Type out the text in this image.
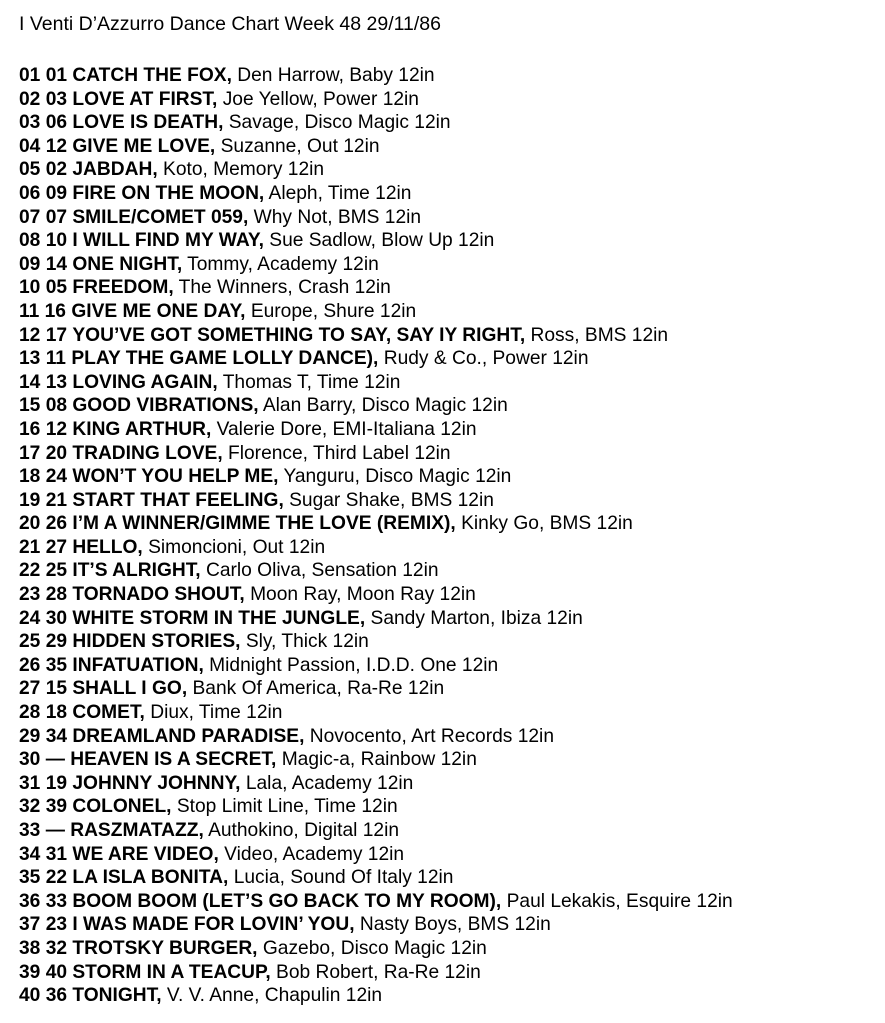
I Venti D’Azzurro Dance Chart Week 48 29/11/86
01 01 CATCH THE FOX, Den Harrow, Baby 12in
02 03 LOVE AT FIRST, Joe Yellow, Power 12in
03 06 LOVE IS DEATH, Savage, Disco Magic 12in
04 12 GIVE ME LOVE, Suzanne, Out 12in
05 02 JABDAH, Koto, Memory 12in
06 09 FIRE ON THE MOON, Aleph, Time 12in
07 07 SMILE/COMET 059, Why Not, BMS 12in
08 10 I WILL FIND MY WAY, Sue Sadlow, Blow Up 12in
09 14 ONE NIGHT, Tommy, Academy 12in
10 05 FREEDOM, The Winners, Crash 12in
11 16 GIVE ME ONE DAY, Europe, Shure 12in
12 17 YOU’VE GOT SOMETHING TO SAY, SAY IY RIGHT, Ross, BMS 12in
13 11 PLAY THE GAME LOLLY DANCE), Rudy & Co., Power 12in
14 13 LOVING AGAIN, Thomas T, Time 12in
15 08 GOOD VIBRATIONS, Alan Barry, Disco Magic 12in
16 12 KING ARTHUR, Valerie Dore, EMI-Italiana 12in
17 20 TRADING LOVE, Florence, Third Label 12in
18 24 WON’T YOU HELP ME, Yanguru, Disco Magic 12in
19 21 START THAT FEELING, Sugar Shake, BMS 12in
20 26 I’M A WINNER/GIMME THE LOVE (REMIX), Kinky Go, BMS 12in
21 27 HELLO, Simoncioni, Out 12in
22 25 IT’S ALRIGHT, Carlo Oliva, Sensation 12in
23 28 TORNADO SHOUT, Moon Ray, Moon Ray 12in
24 30 WHITE STORM IN THE JUNGLE, Sandy Marton, Ibiza 12in
25 29 HIDDEN STORIES, Sly, Thick 12in
26 35 INFATUATION, Midnight Passion, I.D.D. One 12in
27 15 SHALL I GO, Bank Of America, Ra-Re 12in
28 18 COMET, Diux, Time 12in
29 34 DREAMLAND PARADISE, Novocento, Art Records 12in
30 — HEAVEN IS A SECRET, Magic-a, Rainbow 12in
31 19 JOHNNY JOHNNY, Lala, Academy 12in
32 39 COLONEL, Stop Limit Line, Time 12in
33 — RASZMATAZZ, Authokino, Digital 12in
34 31 WE ARE VIDEO, Video, Academy 12in
35 22 LA ISLA BONITA, Lucia, Sound Of Italy 12in
36 33 BOOM BOOM (LET’S GO BACK TO MY ROOM), Paul Lekakis, Esquire 12in
37 23 I WAS MADE FOR LOVIN’ YOU, Nasty Boys, BMS 12in
38 32 TROTSKY BURGER, Gazebo, Disco Magic 12in
39 40 STORM IN A TEACUP, Bob Robert, Ra-Re 12in
40 36 TONIGHT, V. V. Anne, Chapulin 12in
